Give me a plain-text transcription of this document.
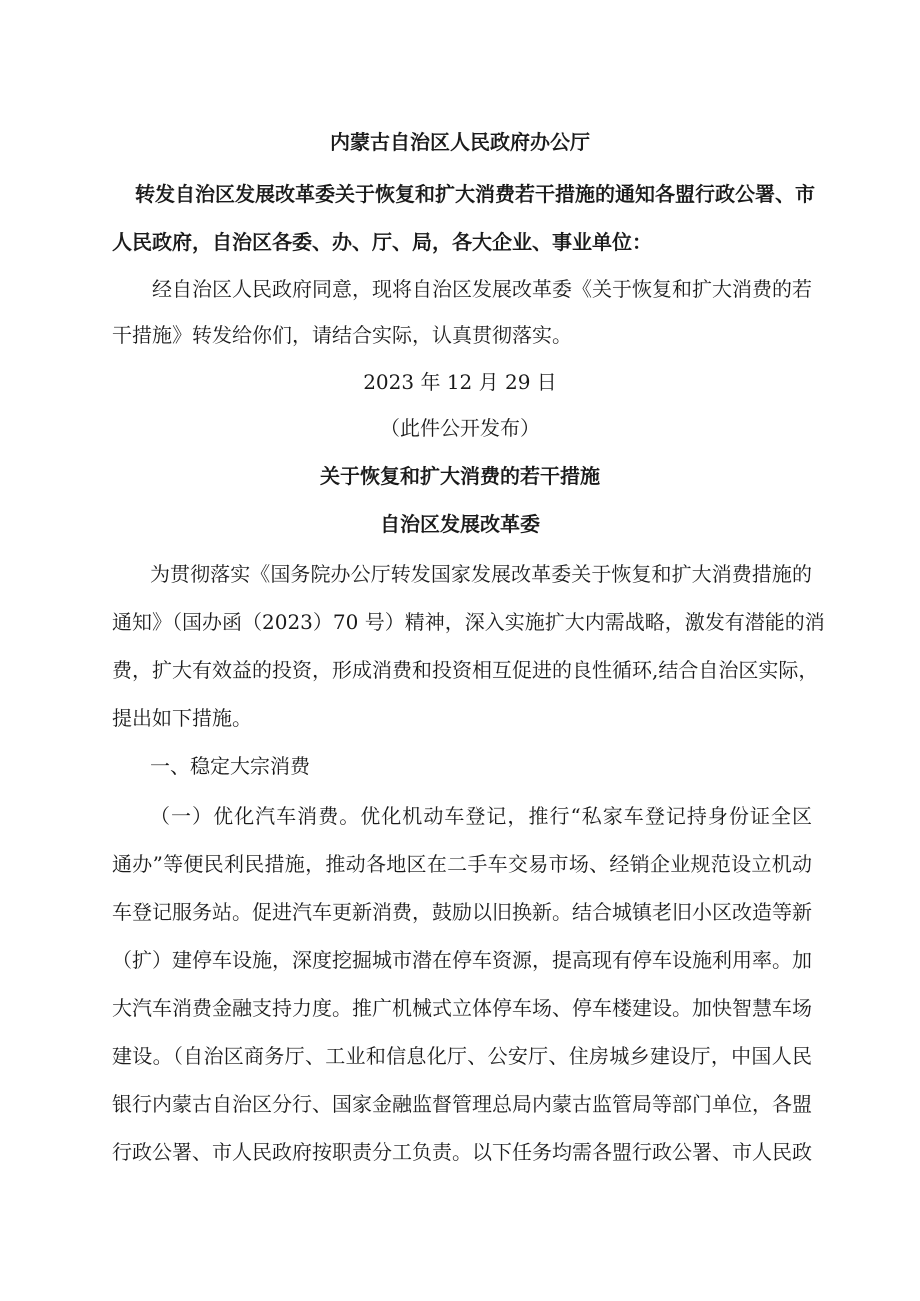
内蒙古自治区人民政府办公厅
转发自治区发展改革委关于恢复和扩大消费若干措施的通知各盟行政公署、市
人民政府，自治区各委、办、厅、局，各大企业、事业单位：
经自治区人民政府同意，现将自治区发展改革委《关于恢复和扩大消费的若
干措施》转发给你们，请结合实际，认真贯彻落实。
2023 年 12 月 29 日
（此件公开发布）
关于恢复和扩大消费的若干措施
自治区发展改革委
为贯彻落实《国务院办公厅转发国家发展改革委关于恢复和扩大消费措施的
通知》（国办函（2023）70 号）精神，深入实施扩大内需战略，激发有潜能的消
费，扩大有效益的投资，形成消费和投资相互促进的良性循环,结合自治区实际，
提出如下措施。
一、稳定大宗消费
（一）优化汽车消费。优化机动车登记，推行“私家车登记持身份证全区
通办”等便民利民措施，推动各地区在二手车交易市场、经销企业规范设立机动
车登记服务站。促进汽车更新消费，鼓励以旧换新。结合城镇老旧小区改造等新
（扩）建停车设施，深度挖掘城市潜在停车资源，提高现有停车设施利用率。加
大汽车消费金融支持力度。推广机械式立体停车场、停车楼建设。加快智慧车场
建设。（自治区商务厅、工业和信息化厅、公安厅、住房城乡建设厅，中国人民
银行内蒙古自治区分行、国家金融监督管理总局内蒙古监管局等部门单位，各盟
行政公署、市人民政府按职责分工负责。以下任务均需各盟行政公署、市人民政
